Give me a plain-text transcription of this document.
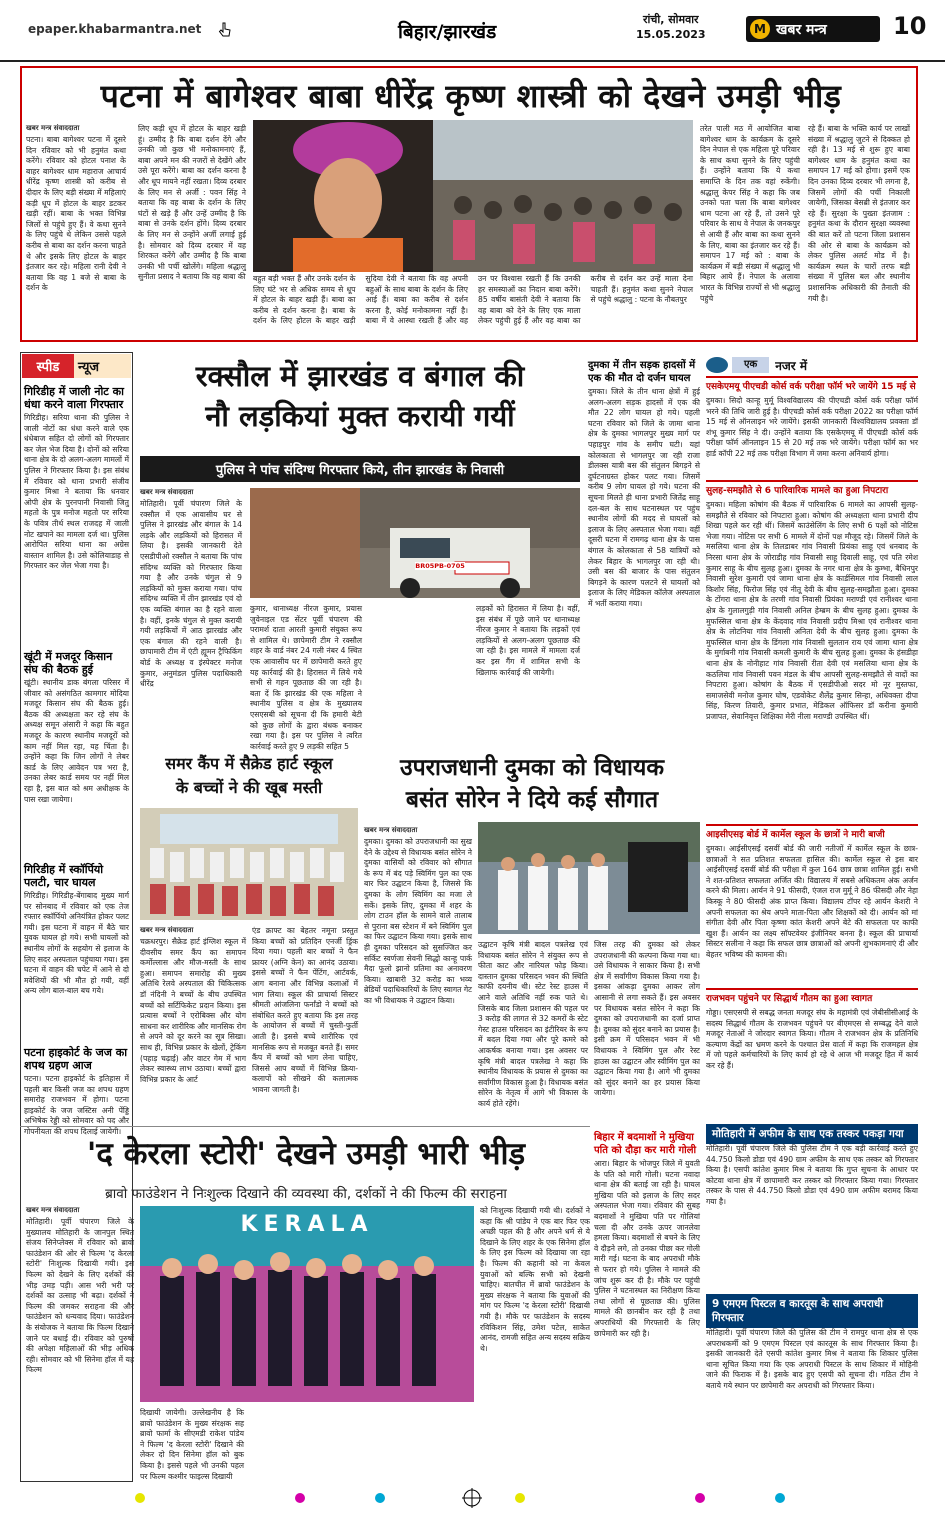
epaper.khabarmantra.net	बिहार/झारखंड
रांची, सोमवार
15.05.2023	M खबर मन्त्र	10
पटना में बागेश्वर बाबा धीरेंद्र कृष्ण शास्त्री को देखने उमड़ी भीड़
खबर मन्त्र संवाददाता
पटना। बाबा बागेश्वर पटना में दूसरे दिन रविवार को भी हनुमंत कथा करेंगे। रविवार को होटल पनाश के बाहर बागेश्वर धाम महाराज आचार्य धीरेंद्र कृष्ण शास्त्री को करीब से दीदार के लिए बड़ी संख्या में महिलाएं कड़ी धूप में होटल के बाहर डटकर खड़ी रहीं। बाबा के भक्त विभिन्न जिलों से पहुंचे हुए हैं। वे कथा सुनने के लिए पहुंचे थे लेकिन उससे पहले करीब से बाबा का दर्शन करना चाहते थे और इसके लिए होटल के बाहर इंतजार कर रहे। महिला रानी देवी ने बताया कि वह 1 बजे से बाबा के दर्शन के
लिए कड़ी धूप में होटल के बाहर खड़ी हूं। उम्मीद है कि बाबा दर्शन देंगे और उनकी जो कुछ भी मनोकामनाएं हैं, बाबा अपने मन की नजरों से देखेंगे और उसे पूरा करेंगे। बाबा का दर्शन करना है और धूप मायने नहीं रखता। दिव्य दरबार के लिए मन से अर्जी : पवन सिंह ने बताया कि वह बाबा के दर्शन के लिए घंटों से खड़े हैं और उन्हें उम्मीद है कि बाबा से उनके दर्शन होंगे। दिव्य दरबार के लिए मन से उन्होंने अर्जी लगाई हुई है। सोमवार को दिव्य दरबार में वह शिरकत करेंगे और उम्मीद है कि बाबा उनकी भी पर्ची खोलेंगे। महिला श्रद्धालु सुनीता प्रसाद ने बताया कि वह बाबा की बहुत बड़ी भक्त हैं और उनके दर्शन के लिए घंटे भर से अधिक समय से धूप में होटल के बाहर खड़ी हैं। बाबा का करीब से दर्शन करना है। बाबा के दर्शन के लिए होटल के बाहर खड़ी सुदिया देवी ने बताया कि वह अपनी बहुओं के साथ बाबा के दर्शन के लिए आई हैं। बाबा का करीब से दर्शन करना है, कोई मनोकामना नहीं है। बाबा में वे आस्था रखती हैं और वह उन पर विश्वास रखती हैं कि उनकी हर समस्याओं का निदान बाबा करेंगे। 85 वर्षीय बासंती देवी ने बताया कि वह बाबा को देने के लिए एक माला लेकर पहुंची हुई हैं और वह बाबा का करीब से दर्शन कर उन्हें माला देना चाहती हैं। हनुमंत कथा सुनने नेपाल से पहुंचे श्रद्धालु : पटना के नौबतपुर
तरेत पाली मठ में आयोजित बाबा बागेश्वर धाम के कार्यक्रम के दूसरे दिन नेपाल से एक महिला पूरे परिवार के साथ कथा सुनने के लिए पहुंची हैं। उन्होंने बताया कि ये कथा समाप्ति के दिन तक वहां रुकेंगी। श्रद्धालु केपर सिंह ने कहा कि जब उनको पता चला कि बाबा बागेश्वर धाम पटना आ रहे हैं, तो उसने पूरे परिवार के साथ वे नेपाल के जनकपुर से आयी हैं और बाबा का कथा सुनने के लिए, बाबा का इंतजार कर रहे हैं। समापन 17 मई को : बाबा के कार्यक्रम में बड़ी संख्या में श्रद्धालु भी बिहार आये हैं। नेपाल के अलावा भारत के विभिन्न राज्यों से भी श्रद्धालु पहुंचे
रहे हैं। बाबा के भक्ति कार्य पर लाखों संख्या में श्रद्धालु जुटने से दिक्कत हो रही है। 13 मई से शुरू हुए बाबा बागेश्वर धाम के हनुमंत कथा का समापन 17 मई को होगा। इसमें एक दिन उनका दिव्य दरबार भी लगना है, जिसमें लोगों की पर्ची निकाली जायेगी, जिसका बेसब्री से इंतजार कर रहे हैं। सुरक्षा के पुख्ता इंतजाम : हनुमंत कथा के दौरान सुरक्षा व्यवस्था की बात करें तो पटना जिला प्रशासन की ओर से बाबा के कार्यक्रम को लेकर पुलिस अलर्ट मोड में है। कार्यक्रम स्थल के चारों तरफ बड़ी संख्या में पुलिस बल और स्थानीय प्रशासनिक अधिकारी की तैनाती की गयी है।
स्पीड	न्यूज
गिरिडीह में जाली नोट का धंधा करने वाला गिरफ्तार
गिरिडीह। सरिया थाना की पुलिस ने जाली नोटों का धंधा करने वाले एक धंधेबाज सहित दो लोगों को गिरफ्तार कर जेल भेज दिया है। दोनों को सरिया थाना क्षेत्र के दो अलग-अलग मामलों में पुलिस ने गिरफ्तार किया है। इस संबंध में रविवार को थाना प्रभारी संजीव कुमार मिश्रा ने बताया कि धनवार ओपी क्षेत्र के पुरनपानी निवासी जितु महतो के पुत्र मनोज महतो पर सरिया के पवित्र तीर्थ स्थल राजदह में जाली नोट खपाने का मामला दर्ज था। पुलिस आरोपित सरिया थाना का अग्रेस वास्तान शामिल है। उसे कोलियाडाह से गिरफ्तार कर जेल भेजा गया है।
खूंटी में मजदूर किसान संघ की बैठक हुई
खूंटी। स्थानीय डाक बंगला परिसर में जीवार को असंगठित कामगार मोदिया मजदूर किसान संघ की बैठक हुई। बैठक की अध्यक्षता कर रहे संघ के अध्यक्ष समून अंसारी ने कहा कि बहुत मजदूर के कारण स्थानीय मजदूरों को काम नहीं मिल रहा, यह चिंता है। उन्होंने कहा कि जिन लोगों ने लेबर कार्ड के लिए आवेदन पत्र भरा है, उनका लेबर कार्ड समय पर नहीं मिल रहा है, इस बात को श्रम अधीक्षक के पास रखा जायेगा।
गिरिडीह में स्कॉर्पियो पलटी, चार घायल
गिरिडीह। गिरिडीह-बेंगाबाद मुख्य मार्ग पर सोनबाद में रविवार को एक तेज रफ्तार स्कॉर्पियो अनियंत्रित होकर पलट गयी। इस घटना में वाहन में बैठे चार युवक घायल हो गये। सभी घायलों को स्थानीय लोगों के सहयोग से इलाज के लिए सदर अस्पताल पहुंचाया गया। इस घटना में वाहन की चपेट में आने से दो मवेशियों की भी मौत हो गयी, वहीं अन्य लोग बाल-बाल बच गये।
पटना हाइकोर्ट के जज का शपथ ग्रहण आज
पटना। पटना हाइकोर्ट के इतिहास में पहली बार किसी जज का शपथ ग्रहण समारोह राजभवन में होगा। पटना हाइकोर्ट के जज जस्टिस अनी पेंड्डि अभिषेक रेड्डी को सोमवार को पद और गोपनीयता की शपथ दिलाई जायेगी।
रक्सौल में झारखंड व बंगाल की
नौ लड़कियां मुक्त करायी गयीं
पुलिस ने पांच संदिग्ध गिरफ्तार किये, तीन झारखंड के निवासी
खबर मन्त्र संवाददाता
मोतिहारी। पूर्वी चंपारण जिले के रक्सौल में एक आवासीय घर से पुलिस ने झारखंड और बंगाल के 14 लड़के और लड़कियों को हिरासत में लिया है। इसकी जानकारी देते एसडीपीओ रक्सौल ने बताया कि पांच संदिग्ध व्यक्ति को गिरफ्तार किया गया है और उनके चंगुल से 9 लड़कियों को मुक्त कराया गया। पांच संदिग्ध व्यक्ति में तीन झारखंड एवं दो एक व्यक्ति बंगाल का है रहने वाला है। वहीं, इनके चंगुल से मुक्त करायी गयी लड़कियों में आठ झारखंड और एक बंगाल की रहने वाली है। छापामारी टीम में एंटी ह्यूमन ट्रैफिकिंग बोर्ड के अध्यक्ष व इंस्पेक्टर मनोज कुमार, अनुमंडल पुलिस पदाधिकारी धीरेंद्र
BR05PB-0705
कुमार, थानाध्यक्ष नीरज कुमार, प्रयास जुवेनाइल एड सेंटर पूर्वी चंपारण की परामर्श दाता आरती कुमारी संयुक्त रूप से शामिल थे। छापेमारी टीम ने रक्सौल शहर के वार्ड नंबर 24 गली नंबर 4 स्थित एक आवासीय घर में छापेमारी करते हुए यह कार्रवाई की है। हिरासत में लिये गये सभी से गहन पूछताछ की जा रही है। बता दें कि झारखंड की एक महिला ने स्थानीय पुलिस व क्षेत्र के मुख्यालय एसएसबी को सूचना दी कि हमारी बेटी को कुछ लोगों के द्वारा बंधक बनाकर रखा गया है। इस पर पुलिस ने त्वरित कार्रवाई करते हुए 9 लड़की सहित 5
लड़कों को हिरासत में लिया है। वहीं, इस संबंध में पूछे जाने पर थानाध्यक्ष नीरज कुमार ने बताया कि लड़कों एवं लड़कियों से अलग-अलग पूछताछ की जा रही है। इस मामले में मामला दर्ज कर इस गैंग में शामिल सभी के खिलाफ कार्रवाई की जायेगी।
दुमका में तीन सड़क हादसों में एक की मौत दो दर्जन घायल
दुमका। जिले के तीन थाना क्षेत्रों में हुई अलग-अलग सड़क हादसों में एक की मौत 22 लोग घायल हो गये। पहली घटना रविवार को जिले के जामा थाना क्षेत्र के दुमका भागलपुर मुख्य मार्ग पर पहाड़पुर गांव के समीप घटी। यहां कोलकाता से भागलपुर जा रही राजा डीलक्स यात्री बस की संतुलन बिगड़ने से दुर्घटनाग्रस्त होकर पलट गया। जिसमें करीब 9 लोग घायल हो गये। घटना की सूचना मिलते ही थाना प्रभारी जितेंद्र साहू दल-बल के साथ घटनास्थल पर पहुंच स्थानीय लोगों की मदद से घायलों को इलाज के लिए अस्पताल भेजा गया। वहीं दूसरी घटना में रामगढ़ थाना क्षेत्र के पास बंगाल के कोलकाता से 58 यात्रियों को लेकर बिहार के भागलपुर जा रही थी। उसी बस की बाजार के पास संतुलन बिगड़ने के कारण पलटने से घायलों को इलाज के लिए मेडिकल कॉलेज अस्पताल में भर्ती कराया गया।
एक	नजर में
एसकेएमयू पीएचडी कोर्स वर्क परीक्षा फॉर्म भरे जायेंगे 15 मई से
दुमका। सिदो कान्हू मुर्मू विश्वविद्यालय की पीएचडी कोर्स वर्क परीक्षा फॉर्म भरने की तिथि जारी हुई है। पीएचडी कोर्स वर्क परीक्षा 2022 का परीक्षा फॉर्म 15 मई से ऑनलाइन भरे जायेंगे। इसकी जानकारी विश्वविद्यालय प्रवक्ता डॉ शंभू कुमार सिंह ने दी। उन्होंने बताया कि एसकेएमयू में पीएचडी कोर्स वर्क परीक्षा फॉर्म ऑनलाइन 15 से 20 मई तक भरे जायेंगे। परीक्षा फॉर्म का भर हार्ड कॉपी 22 मई तक परीक्षा विभाग में जमा करना अनिवार्य होगा।
सुलह-समझौते से 6 पारिवारिक मामले का हुआ निपटारा
दुमका। महिला कोषांग की बैठक में पारिवारिक 6 मामले का आपसी सुलह-समझौते से रविवार को निपटारा हुआ। कोषांग की अध्यक्षता थाना प्रभारी दीप शिखा पहले कर रही थीं। जिसमें काउंसेलिंग के लिए सभी 6 पक्षों को नोटिस भेजा गया। नोटिस पर सभी 6 मामले में दोनों पक्ष मौजूद रहे। जिसमें जिले के मसलिया थाना क्षेत्र के तिलडाबर गांव निवासी प्रियंका साहू एवं धनबाद के निरसा थाना क्षेत्र के जोराडीह गांव निवासी साहू दिवाली साहू, एवं पति रमेश कुमार साहू के बीच सुलह हुआ। दुमका के नगर थाना क्षेत्र के कुम्भा, बैधिनपुर निवासी सुरेश कुमारी एवं जामा थाना क्षेत्र के कार्डसिमल गांव निवासी लाल किशोर सिंह, फिरोज सिंह एवं नीतू देवी के बीच सुलह-समझौता हुआ। दुमका के टोंगरा थाना क्षेत्र के तरणी गांव निवासी प्रियंका मराण्डी एवं रानीश्वर थाना क्षेत्र के गुलालगुड़ी गांव निवासी अनिल हेम्ब्रम के बीच सुलह हुआ। दुमका के मुफस्सिल थाना क्षेत्र के केंदवाद गांव निवासी प्रदीप मिश्रा एवं रानीश्वर थाना क्षेत्र के लोटनिया गांव निवासी अनिता देवी के बीच सुलह हुआ। दुमका के मुफस्सिल थाना क्षेत्र के डिंगला गांव निवासी सुलतान राय एवं जामा थाना क्षेत्र के मुर्गाबनी गांव निवासी कमली कुमारी के बीच सुलह हुआ। दुमका के हंसडीहा थाना क्षेत्र के नोनीहाट गांव निवासी रीता देवी एवं मसलिया थाना क्षेत्र के कठलिया गांव निवासी पवन मंडल के बीच आपसी सुलह-समझौते से वादों का निपटारा हुआ। कोषांग के बैठक में एसडीपीओ सदर मो नूर मुस्तफा, समाजसेवी मनोज कुमार घोष, एडवोकेट शैलेंद्र कुमार सिन्हा, अधिवक्ता दीपा सिंह, किरण तिवारी, कुमार प्रभात, मेडिकल ऑफिसर डॉ करीना कुमारी प्रजापत, सेवानिवृत्त शिक्षिका मेरी नीला मराण्डी उपस्थित थीं।
आइसीएसइ बोर्ड में कार्मेल स्कूल के छात्रों ने मारी बाजी
दुमका। आईसीएसई दसवीं बोर्ड की जारी नतीजों में कार्मेल स्कूल के छात्र-छात्राओं ने सत प्रतिशत सफलता हासिल की। कार्मेल स्कूल से इस बार आईसीएसई दसवीं बोर्ड की परीक्षा में कुल 164 छात्र छात्रा शामिल हुई। सभी ने शत-प्रतिशत सफलता अर्जित की। विद्यालय में सबसे अधिकतम अंक अर्जन करने की मिला। आर्यन ने 91 फीसदी, एंजल राज मुर्मू ने 86 फीसदी और नेहा किस्कू ने 80 फीसदी अंक प्राप्त किया। विद्यालय टॉपर रहे आर्यन केशरी ने अपनी सफलता का श्रेय अपने माता-पिता और शिक्षकों को दी। आर्यन को मां संगीता देवी और पिता कृष्णा कांत केशरी अपने बेटे की सफलता पर काफी खुश हैं। आर्यन का लक्ष्य सॉफ्टवेयर इंजीनियर बनना है। स्कूल की प्राचार्या सिस्टर सलीना ने कहा कि सफल छात्र छात्राओं को अपनी शुभकामनाएं दी और बेहतर भविष्य की कामना की।
राजभवन पहुंचने पर सिद्धार्थ गौतम का हुआ स्वागत
गोड्डा। एसएसपी से सबद्ध जनता मजदूर संघ के महामंत्री एवं जेबीसीसीआई के सदस्य सिद्धार्थ गौतम के राजभवन पहुंचने पर बीएमएस से सम्बद्ध देने वाले मजदूर नेताओं ने जोरदार स्वागत किया। गौतम ने राजभवन क्षेत्र के प्रतिनिधि कल्याण केंद्रों का भ्रमण करने के पश्चात प्रेस वार्ता में कहा कि राजमहल क्षेत्र में जो पहले कर्मचारियों के लिए कार्य हो रहे थे आज भी मजदूर हित में कार्य कर रहे हैं।
मोतिहारी में अफीम के साथ एक तस्कर पकड़ा गया
मोतिहारी। पूर्वी चंपारण जिले की पुलिस टीम ने एक बड़ी कार्रवाई करते हुए 44.750 किलो डोडा एवं 490 ग्राम अफीम के साथ एक तस्कर को गिरफ्तार किया है। एसपी कांतेश कुमार मिश्र ने बताया कि गुप्त सूचना के आधार पर कोटवा थाना क्षेत्र में छापामारी कर तस्कर को गिरफ्तार किया गया। गिरफ्तार तस्कर के पास से 44.750 किलो डोडा एवं 490 ग्राम अफीम बरामद किया गया है।
9 एमएम पिस्टल व कारतूस के साथ अपराधी गिरफ्तार
मोतिहारी। पूर्वी चंपारण जिले की पुलिस की टीम ने रामपुर थाना क्षेत्र से एक अपराधकर्मी को 9 एमएम पिस्टल एवं कारतूस के साथ गिरफ्तार किया है। इसकी जानकारी देते एसपी कांतेश कुमार मिश्र ने बताया कि शिकार पुलिस थाना सूचित किया गया कि एक अपराधी पिस्टल के साथ शिकार में मोहिनी जाने की फिराक में है। इसके बाद हुए एसपी को सूचना दी। गठित टीम ने बताये गये स्थान पर छापेमारी कर अपराधी को गिरफ्तार किया।
समर कैंप में सैक्रेड हार्ट स्कूल
के बच्चों ने की खूब मस्ती
खबर मन्त्र संवाददाता
चक्रधरपुर। सैक्रेड हार्ट इंग्लिश स्कूल में दीवसीय समर कैंप का समापन कर्मोल्लास और मौज-मस्ती के साथ हुआ। समापन समारोह की मुख्य अतिथि रेलवे अस्पताल की चिकित्सक डॉ नंदिनी ने बच्चों के बीच उपस्थित बच्चों को सर्टिफिकेट प्रदान किया। इस प्रत्यास बच्चों ने एरोबिक्स और योग साधना कर शारीरिक और मानसिक रोग से अपने को दूर करने का सूत्र सिखा। साथ ही, विभिन्न प्रकार के खेलों, ट्रेकिंग (पहाड़ चढ़ाई) और वाटर गेम में भाग लेकर स्वास्थ्य लाभ उठाया। बच्चों द्वारा विभिन्न प्रकार के आर्ट
एंड क्राफ्ट का बेहतर नमूना प्रस्तुत किया बच्चों को प्रतिदिन एनर्जी ड्रिंक दिया गया। पहली बार बच्चों ने फैन फ्रायर (अग्नि केन) का आनंद उठाया। इससे बच्चों ने फैन पेंटिंग, आर्टवर्क, आग बनाना और विभिन्न कलाओं में भाग लिया। स्कूल की प्राचार्या सिस्टर श्रीमती आंजलिना फर्नांडो ने बच्चों को संबोधित करते हुए बताया कि इस तरह के आयोजन से बच्चों में चुस्ती-फुर्ती आती है। इससे बच्चे शारीरिक एवं मानसिक रूप से मजबूत बनते हैं। समर कैंप में बच्चों को भाग लेना चाहिए, जिससे आप बच्चों में विभिन्न क्रिया-कलापों को सीखने की कलात्मक भावना जागती है।
उपराजधानी दुमका को विधायक
बसंत सोरेन ने दिये कई सौगात
खबर मन्त्र संवाददाता
दुमका। दुमका को उपराजधानी का सुख देने के उद्देश्य से विधायक बसंत सोरेन ने दुमका वासियों को रविवार को सौगात के रूप में बंद पड़े स्विमिंग पुल का एक बार फिर उद्घाटन किया है, जिससे कि दुमका के लोग स्विमिंग का मजा ले सकें। इसके लिए, दुमका में शहर के लोग टाउन हॉल के सामने वाले तालाब से पुराना बस स्टेशन में बने स्विमिंग पुल का फिर उद्घाटन किया गया। इसके साथ ही दुमका परिसदन को सुसज्जित कर सर्किट स्वर्णजा सेवनी सिद्धो कान्हू पार्क मैदा फूलो झानो प्रतिमा का अनावरण किया। खाबारी 32 करोड़ का भव्य ब्रेडियों पदाधिकारियों के लिए स्वागत गेट का भी विधायक ने उद्घाटन किया।
उद्घाटन कृषि मंत्री बादल पत्रलेख एवं विधायक बसंत सोरेन ने संयुक्त रूप से फीता काट और नारियल फोड़ किया। दास्तान दुमका परिसदन भवन की स्थिति काफी दयनीय थी। स्टेट रेस्ट हाउस में आने वाले अतिथि नहीं रुक पाते थे। जिसके बाद जिला प्रशासन की पहल पर 3 करोड़ की लागत से 32 कमरों के स्टेट गेस्ट हाउस परिसदन का इंटीरियर के रूप में बदल दिया गया और पूरे कमरे को आकर्षक बनाया गया। इस अवसर पर कृषि मंत्री बादल पत्रलेख ने कहा कि स्थानीय विधायक के प्रयास से दुमका का सर्वांगीण विकास हुआ है। विधायक बसंत सोरेन के नेतृत्व में आगे भी विकास के कार्य होते रहेंगे।
जिस तरह की दुमका को लेकर उपराजधानी की कल्पना किया गया था। उसे विधायक ने साकार किया है। सभी क्षेत्र में सर्वांगीण विकास किया गया है। इसका आंकड़ा दुमका आकर लोग आसानी से लगा सकते हैं। इस अवसर पर विधायक बसंत सोरेन ने कहा कि दुमका को उपराजधानी का दर्जा प्राप्त है। दुमका को सुंदर बनाने का प्रयास है। इसी क्रम में परिसदन भवन में भी विधायक ने स्विमिंग पुल और रेस्ट हाउस का उद्घाटन और स्वीमिंग पुल का उद्घाटन किया गया है। आगे भी दुमका को सुंदर बनाने का हर प्रयास किया जायेगा।
'द केरला स्टोरी' देखने उमड़ी भारी भीड़
ब्रावो फाउंडेशन ने निःशुल्क दिखाने की व्यवस्था की, दर्शकों ने की फिल्म की सराहना
खबर मन्त्र संवाददाता
मोतिहारी। पूर्वी चंपारण जिले के मुख्यालय मोतिहारी के जानपुल स्थित संजय सिनेप्लेक्स में रविवार को ब्रावो फाउंडेशन की ओर से फिल्म 'द केरला स्टोरी' निःशुल्क दिखायी गयी। इस फिल्म को देखने के लिए दर्शकों की भीड़ उमड़ पड़ी। आस भरी भरी पर दर्शकों का उत्साह भी बढ़ा। दर्शकों ने फिल्म की जमकर सराहना की और फाउंडेशन को धन्यवाद दिया। फाउंडेशन के संयोजक ने बताया कि फिल्म दिखाने जाने पर बधाई दी। रविवार को पुरुषों की अपेक्षा महिलाओं की भीड़ अधिक रही। सोमवार को भी सिनेमा हॉल में यह फिल्म
KERALA
दिखायी जायेगी। उल्लेखनीय है कि ब्रावो फाउंडेशन के मुख्य संरक्षक सह ब्रावो फार्मा के सीएमडी राकेश पांडेय ने फिल्म 'द केरला स्टोरी' दिखाने की लेकर दो दिन सिनेमा हॉल को बुक किया है। इससे पहले भी उनकी पहल पर फिल्म कश्मीर फाइल्स दिखायी
को निःशुल्क दिखायी गयी थी। दर्शकों ने कहा कि श्री पांडेय ने एक बार फिर एक अच्छी पहल की है और अपने धर्म से ये दिखाने के लिए शहर के एक सिनेमा हॉल के लिए इस फिल्म को दिखाया जा रहा है। फिल्म की कहानी को ना केवल युवाओं को बल्कि सभी को देखनी चाहिए। बातचीत में ब्रावो फाउंडेशन के मुख्य संरक्षक ने बताया कि युवाओं की मांग पर फिल्म 'द केरला स्टोरी' दिखायी गयी है। मौके पर फाउंडेशन के सदस्य रविकिशन सिंह, उमेश पटेल, साकेत आनंद, रामजी सहित अन्य सदस्य सक्रिय थे।
बिहार में बदमाशों ने मुखिया पति को दौड़ा कर मारी गोली
आरा। बिहार के भोजपुर जिले में युवती के पति को मारी गोली। घटना नवादा थाना क्षेत्र की बताई जा रही है। घायल मुखिया पति को इलाज के लिए सदर अस्पताल भेजा गया। रविवार की सुबह बदमाशों ने मुखिया पति पर गोलियां चला दी और उनके ऊपर जानलेवा हमला किया। बदमाशों से बचने के लिए वे दौड़ने लगे, तो उनका पीछा कर गोली मारी गई। घटना के बाद अपराधी मौके से फरार हो गये। पुलिस ने मामले की जांच शुरू कर दी है। मौके पर पहुंची पुलिस ने घटनास्थल का निरीक्षण किया तथा लोगों से पूछताछ की। पुलिस मामले की छानबीन कर रही है तथा अपराधियों की गिरफ्तारी के लिए छापेमारी कर रही है।
